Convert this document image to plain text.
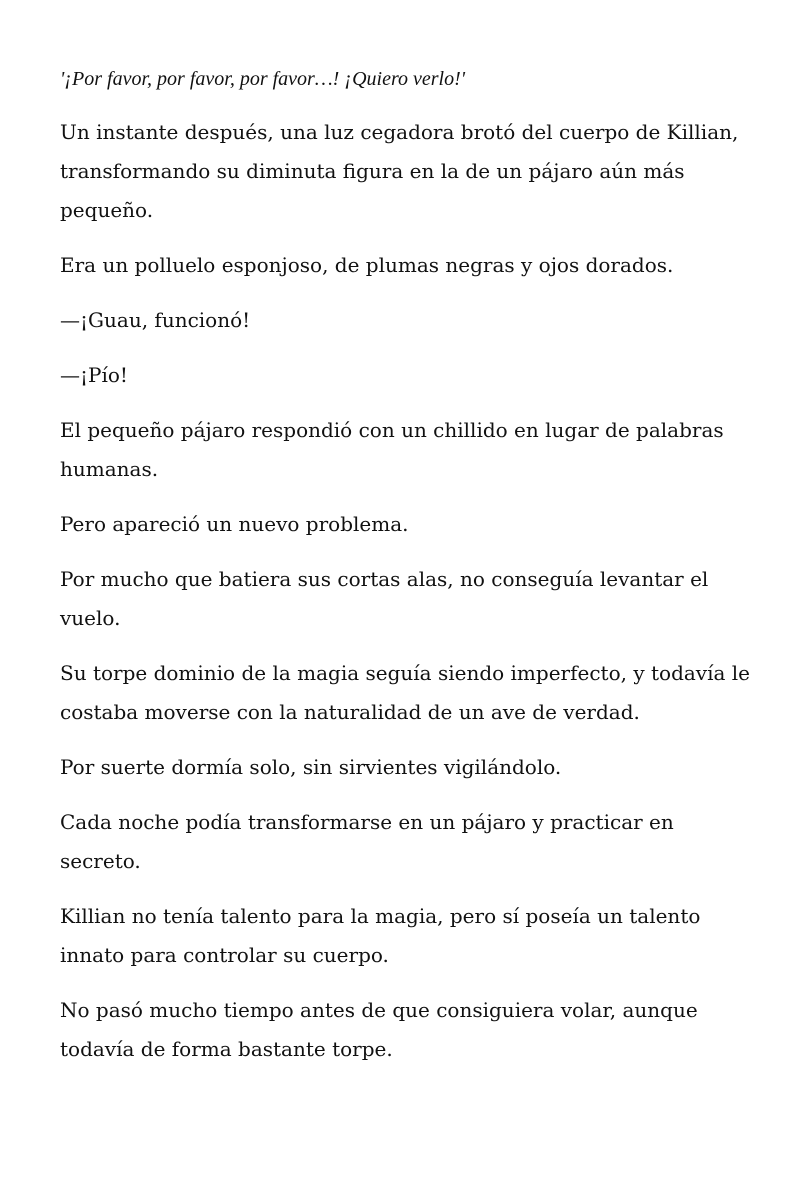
'¡Por favor, por favor, por favor…! ¡Quiero verlo!'

Un instante después, una luz cegadora brotó del cuerpo de Killian, transformando su diminuta figura en la de un pájaro aún más pequeño.

Era un polluelo esponjoso, de plumas negras y ojos dorados.

—¡Guau, funcionó!

—¡Pío!

El pequeño pájaro respondió con un chillido en lugar de palabras humanas.

Pero apareció un nuevo problema.

Por mucho que batiera sus cortas alas, no conseguía levantar el vuelo.

Su torpe dominio de la magia seguía siendo imperfecto, y todavía le costaba moverse con la naturalidad de un ave de verdad.

Por suerte dormía solo, sin sirvientes vigilándolo.

Cada noche podía transformarse en un pájaro y practicar en secreto.

Killian no tenía talento para la magia, pero sí poseía un talento innato para controlar su cuerpo.

No pasó mucho tiempo antes de que consiguiera volar, aunque todavía de forma bastante torpe.
